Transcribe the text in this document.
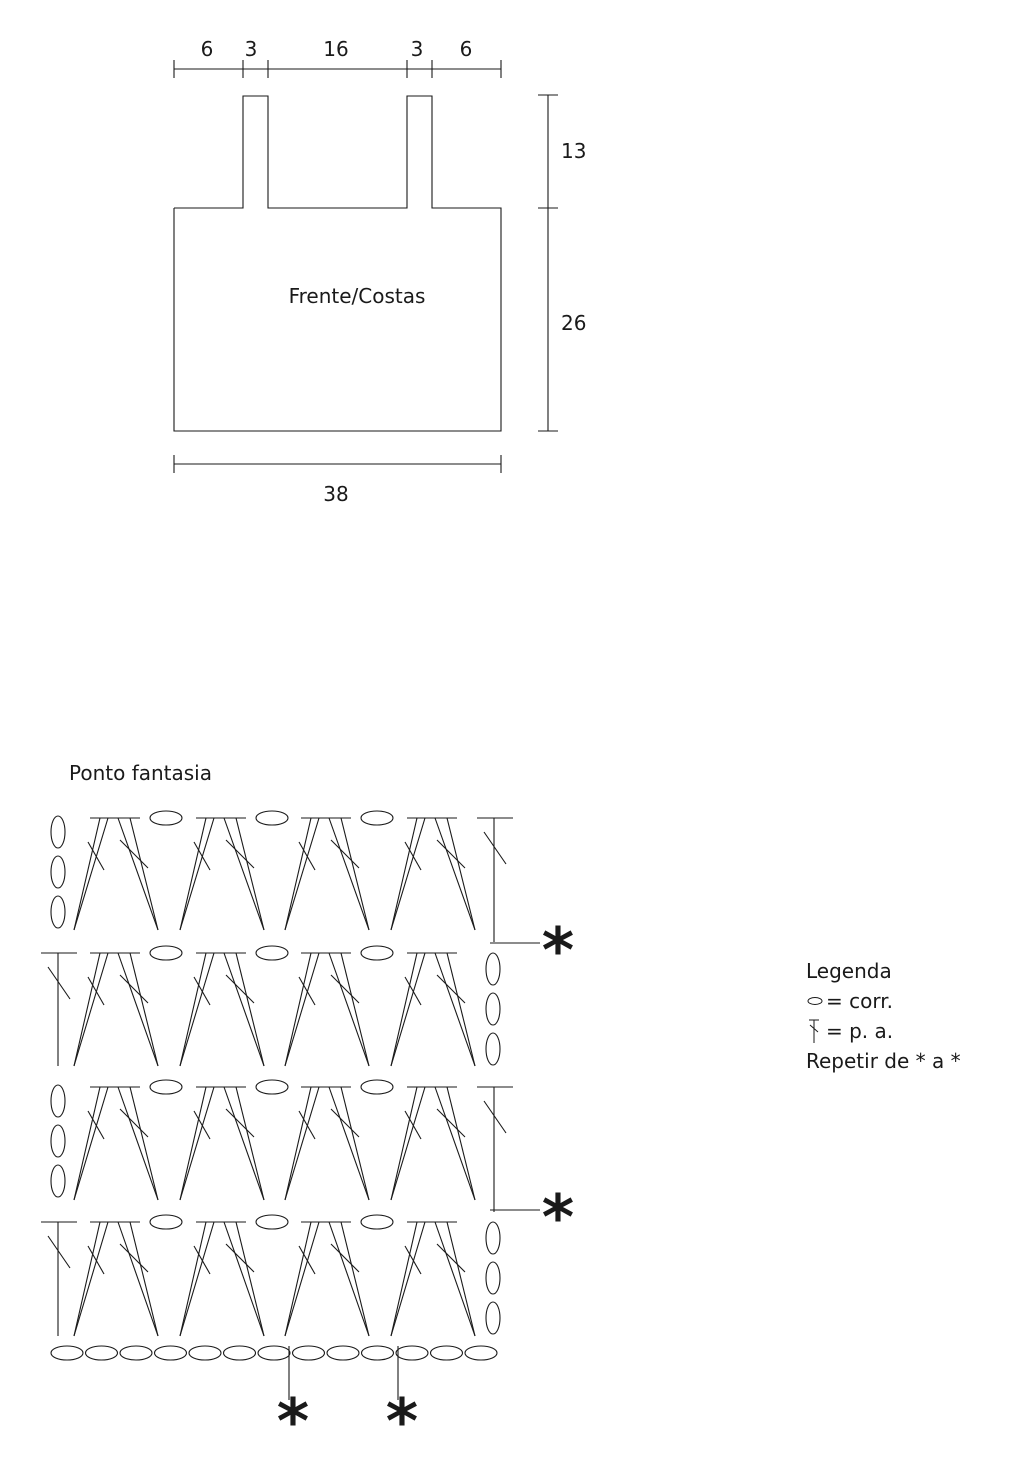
6 3	16	3 6
13
26
38
Frente/Costas
Ponto fantasia
*
*
* *
Legenda
= corr.
= p. a.
Repetir de * a *
